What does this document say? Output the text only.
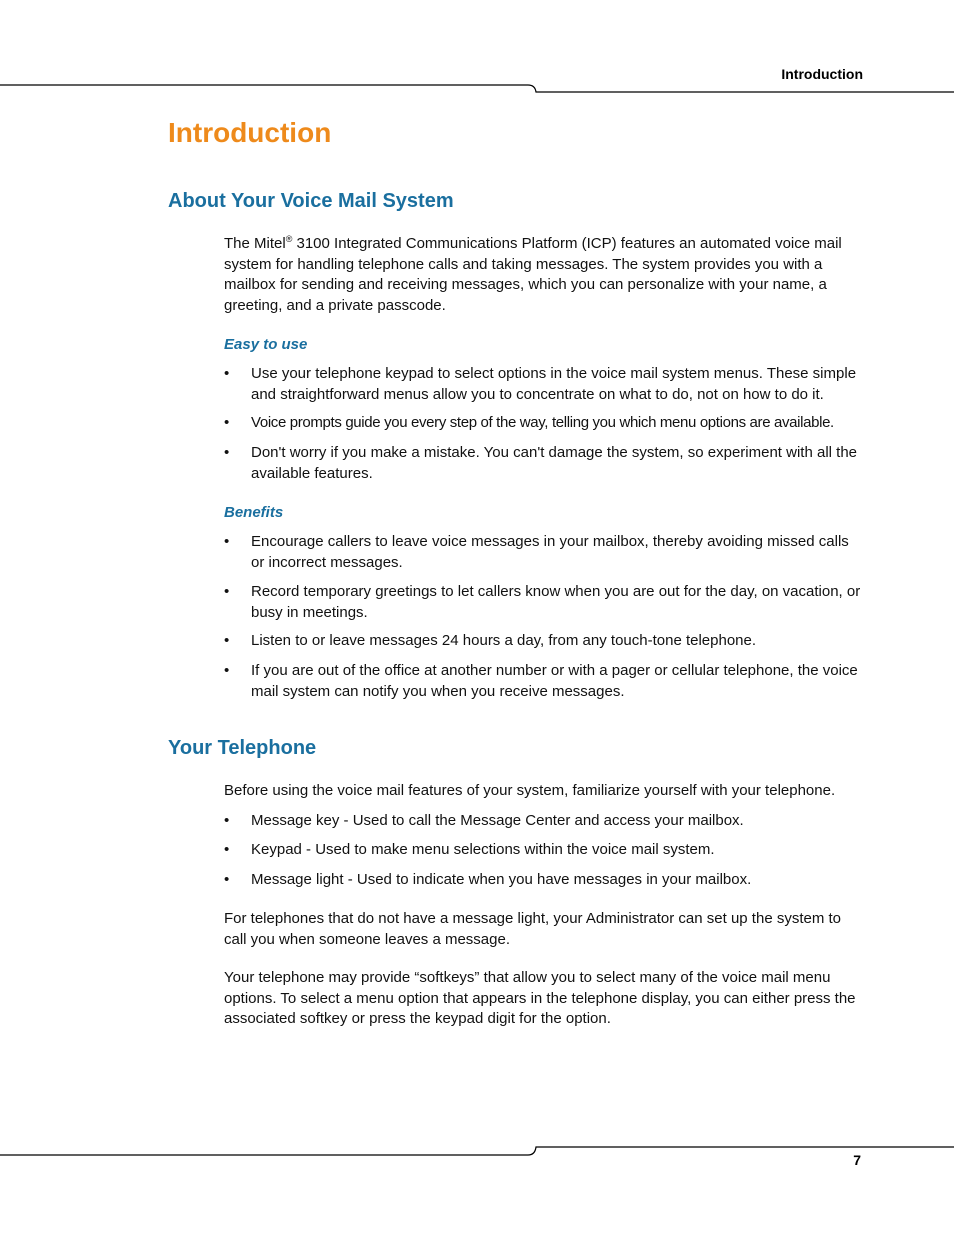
Introduction
Introduction
About Your Voice Mail System

The Mitel® 3100 Integrated Communications Platform (ICP) features an automated voice mail system for handling telephone calls and taking messages. The system provides you with a mailbox for sending and receiving messages, which you can personalize with your name, a greeting, and a private passcode.

Easy to use
•	Use your telephone keypad to select options in the voice mail system menus. These simple and straightforward menus allow you to concentrate on what to do, not on how to do it.
•	Voice prompts guide you every step of the way, telling you which menu options are available.
•	Don't worry if you make a mistake. You can't damage the system, so experiment with all the available features.
Benefits
•	Encourage callers to leave voice messages in your mailbox, thereby avoiding missed calls or incorrect messages.
•	Record temporary greetings to let callers know when you are out for the day, on vacation, or busy in meetings.
•	Listen to or leave messages 24 hours a day, from any touch-tone telephone.
•	If you are out of the office at another number or with a pager or cellular telephone, the voice mail system can notify you when you receive messages.
Your Telephone

Before using the voice mail features of your system, familiarize yourself with your telephone.

•	Message key - Used to call the Message Center and access your mailbox.
•	Keypad - Used to make menu selections within the voice mail system.
•	Message light - Used to indicate when you have messages in your mailbox.

For telephones that do not have a message light, your Administrator can set up the system to call you when someone leaves a message.

Your telephone may provide “softkeys” that allow you to select many of the voice mail menu options. To select a menu option that appears in the telephone display, you can either press the associated softkey or press the keypad digit for the option.

7
